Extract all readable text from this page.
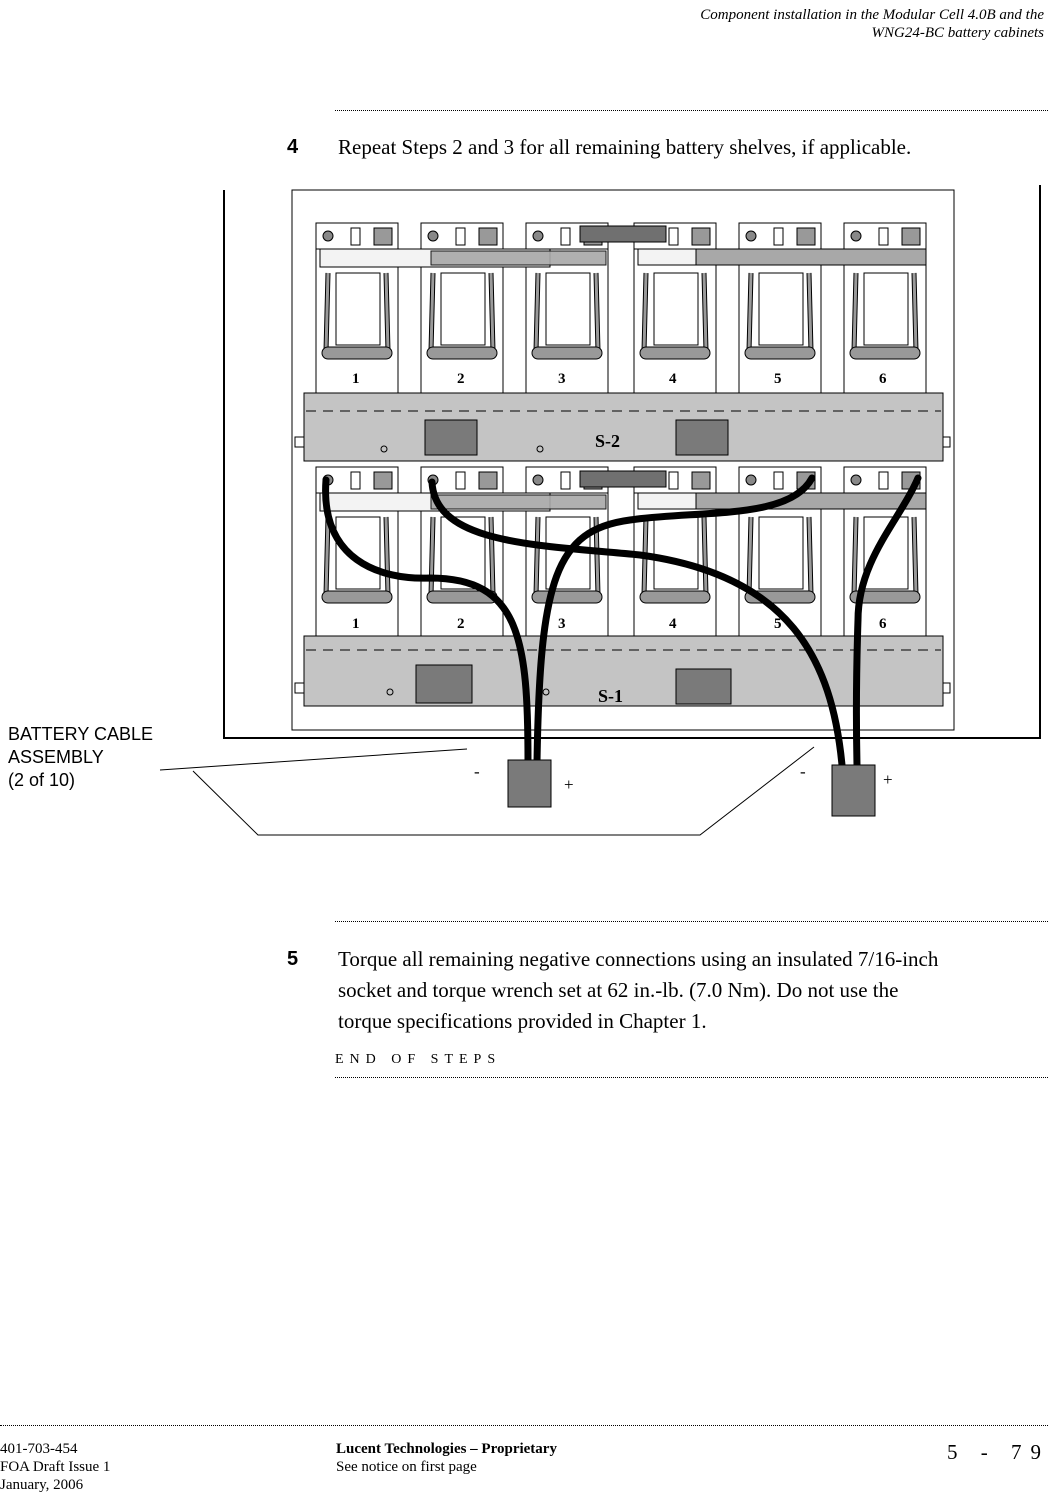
Component installation in the Modular Cell 4.0B and the
WNG24-BC battery cabinets
4 Repeat Steps 2 and 3 for all remaining battery shelves, if applicable.
1	2	3	4	5	6
1	2	3	4	5	6
S-2
S-1
-
+
-	+
BATTERY CABLE
ASSEMBLY
(2 of 10)
5 Torque all remaining negative connections using an insulated 7/16-inch
socket and torque wrench set at 62 in.-lb. (7.0 Nm). Do not use the
torque specifications provided in Chapter 1.
END OF STEPS
401-703-454
FOA Draft Issue 1
January, 2006
Lucent Technologies – Proprietary
See notice on first page
5 - 79
